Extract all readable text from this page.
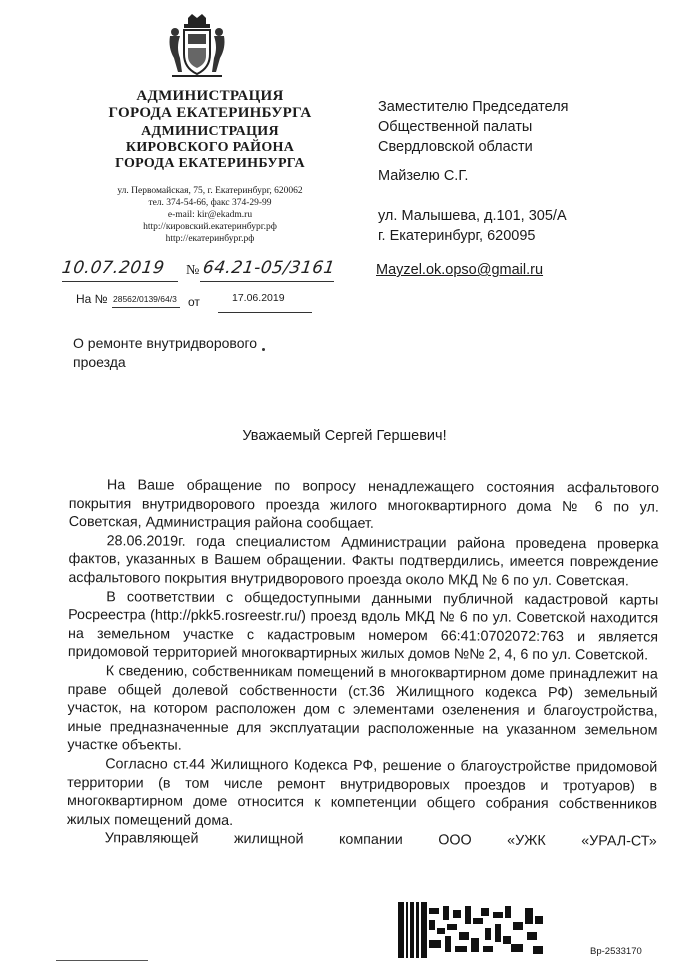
АДМИНИСТРАЦИЯ
ГОРОДА ЕКАТЕРИНБУРГА
АДМИНИСТРАЦИЯ
КИРОВСКОГО РАЙОНА
ГОРОДА ЕКАТЕРИНБУРГА
ул. Первомайская, 75, г. Екатеринбург, 620062
тел. 374-54-66, факс 374-29-99
e-mail: kir@ekadm.ru
http://кировский.екатеринбург.рф
http://екатеринбург.рф
Заместителю Председателя
Общественной палаты
Свердловской области
Майзелю С.Г.
ул. Малышева, д.101, 305/А
г. Екатеринбург, 620095
Mayzel.ok.opso@gmail.ru
10.07.2019 № 64.21-05/3161
На № 28562/0139/64/3 от	17.06.2019
О ремонте внутридворового
проезда
Уважаемый Сергей Гершевич!

На Ваше обращение по вопросу ненадлежащего состояния асфальтового покрытия внутридворового проезда жилого многоквартирного дома № 6 по ул. Советская, Администрация района сообщает.

28.06.2019г. года специалистом Администрации района проведена проверка фактов, указанных в Вашем обращении. Факты подтвердились, имеется повреждение асфальтового покрытия внутридворового проезда около МКД № 6 по ул. Советская.

В соответствии с общедоступными данными публичной кадастровой карты Росреестра (http://pkk5.rosreestr.ru/) проезд вдоль МКД № 6 по ул. Советской находится на земельном участке с кадастровым номером 66:41:0702072:763 и является придомовой территорией многоквартирных жилых домов №№ 2, 4, 6 по ул. Советской.

К сведению, собственникам помещений в многоквартирном доме принадлежит на праве общей долевой собственности (ст.36 Жилищного кодекса РФ) земельный участок, на котором расположен дом с элементами озеленения и благоустройства, иные предназначенные для эксплуатации расположенные на указанном земельном участке объекты.

Согласно ст.44 Жилищного Кодекса РФ, решение о благоустройстве придомовой территории (в том числе ремонт внутридворовых проездов и тротуаров) в многоквартирном доме относится к компетенции общего собрания собственников жилых помещений дома.

Управляющей жилищной компании ООО «УЖК «УРАЛ-СТ»

Вр-2533170
